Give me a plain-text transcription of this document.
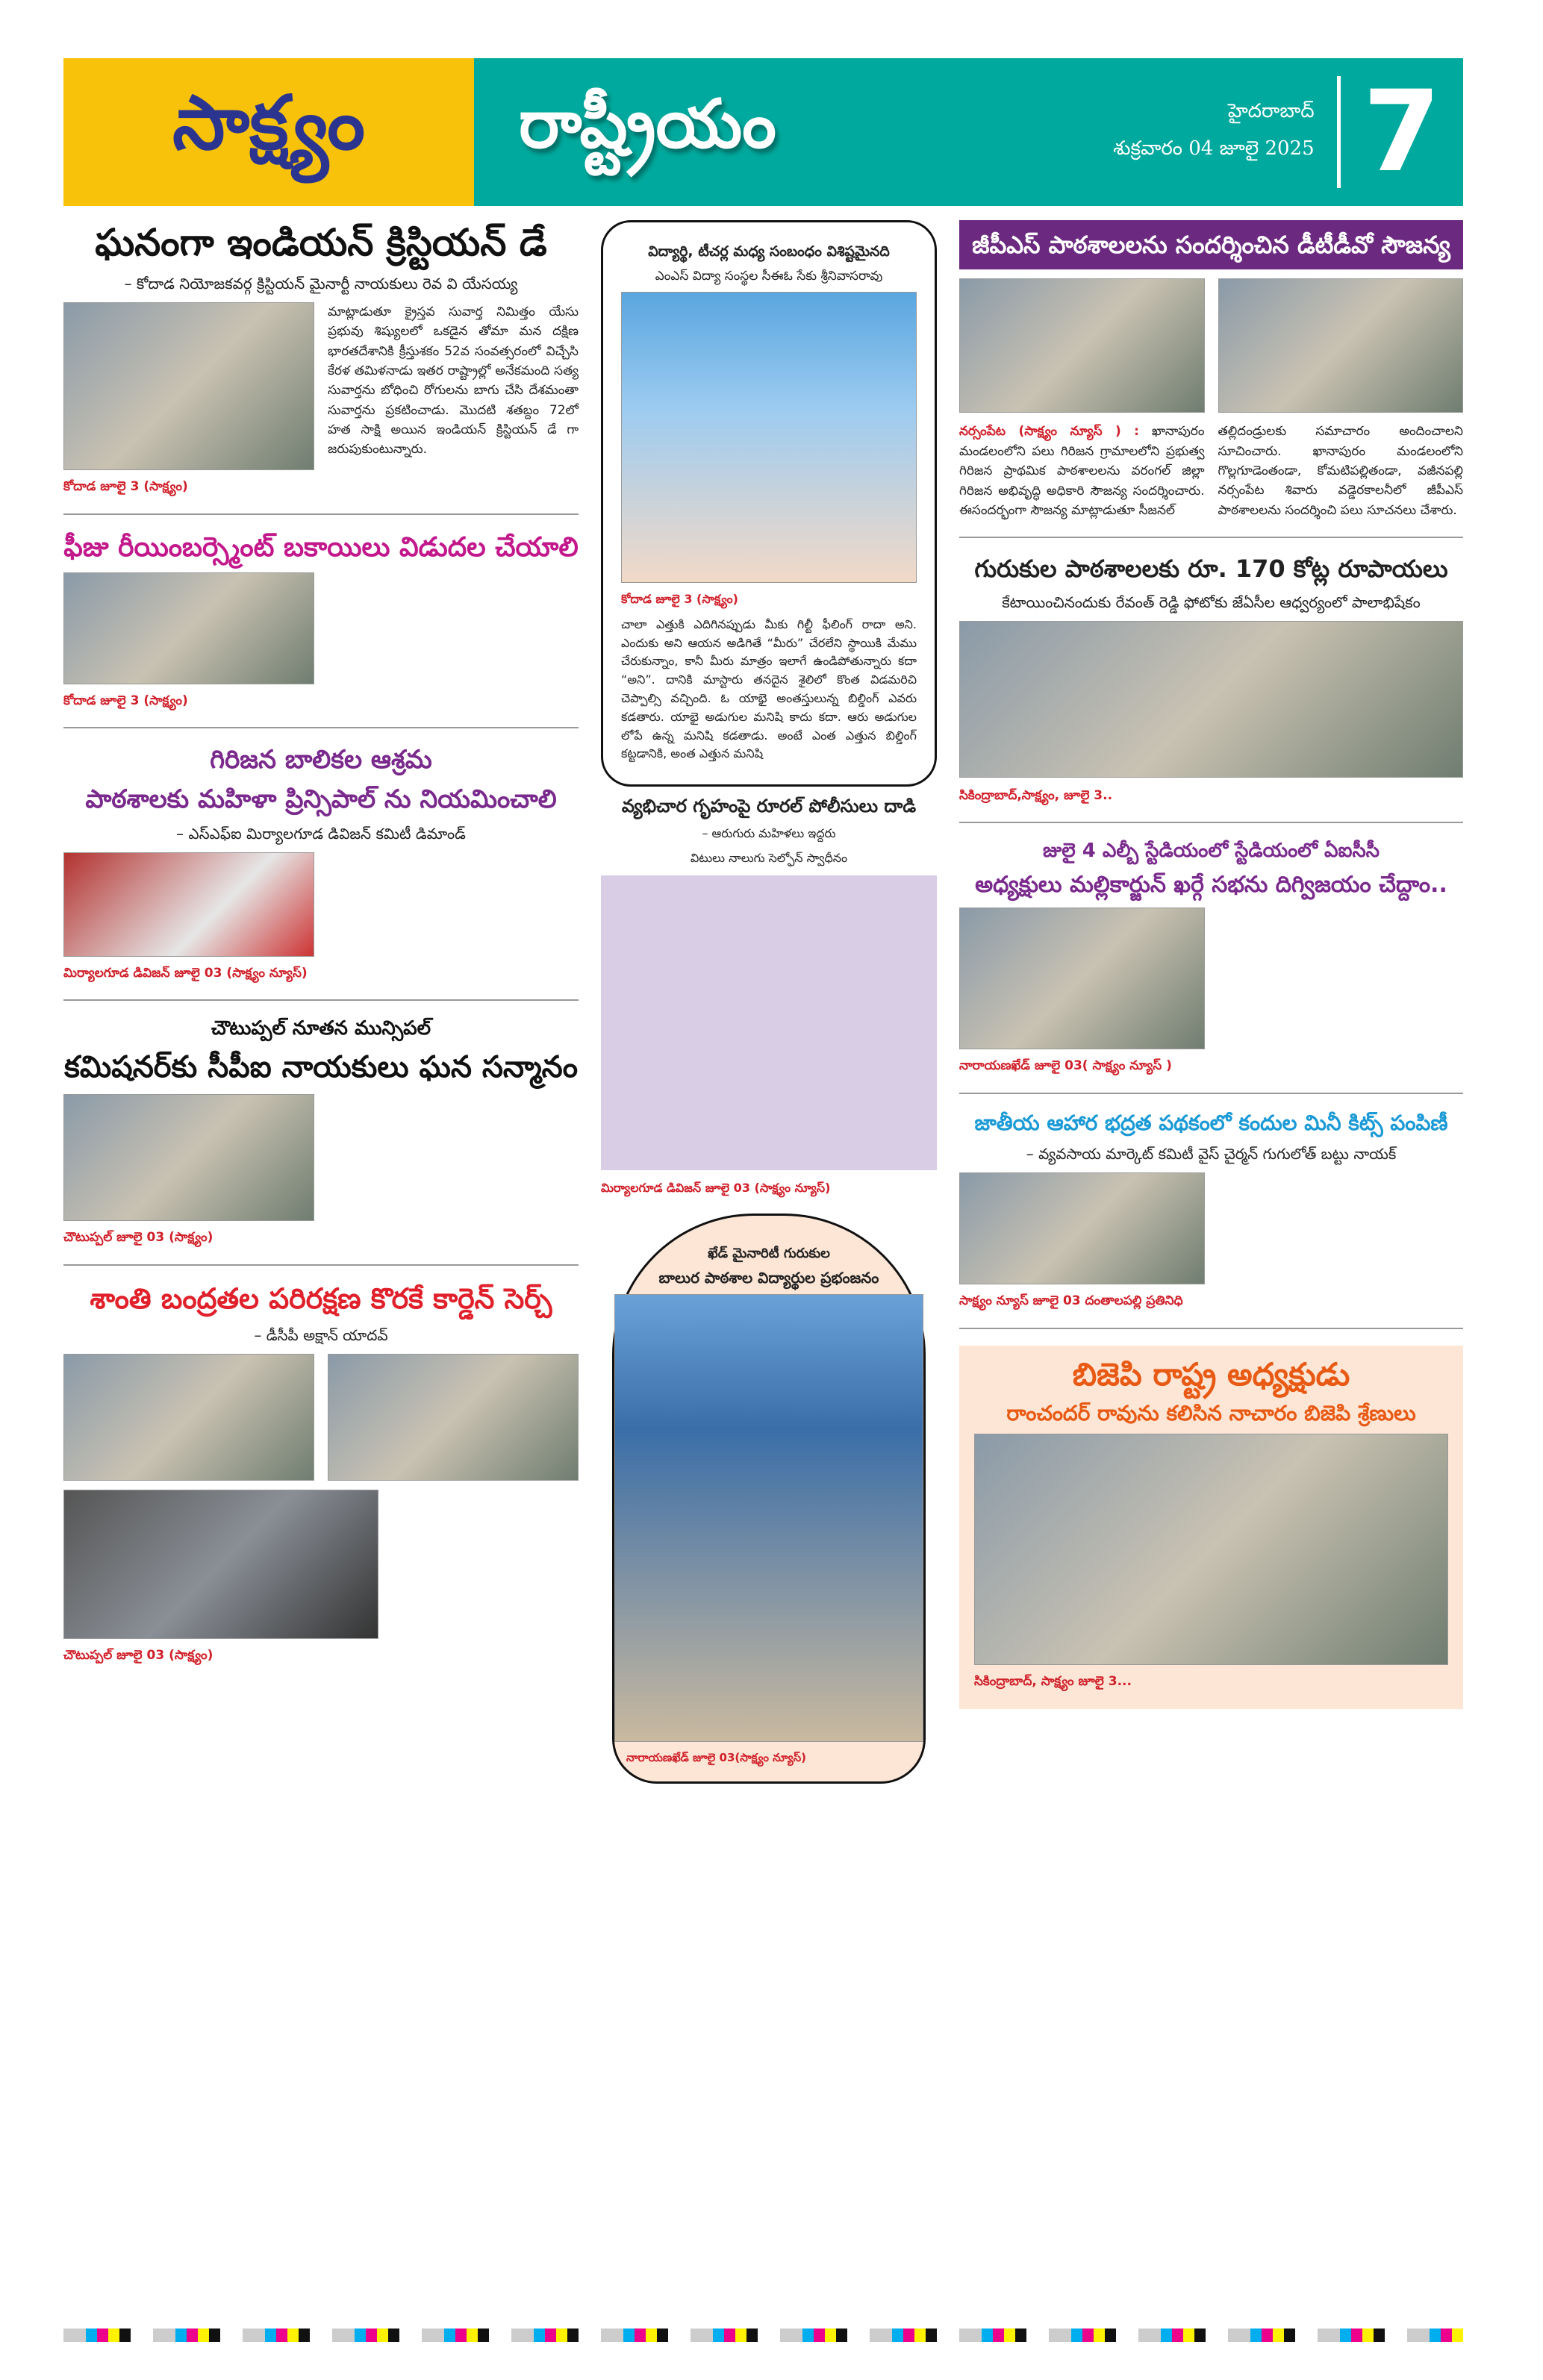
సాక్ష్యం	రాష్ట్రీయం	హైదరాబాద్
శుక్రవారం 04 జూలై 2025 7
ఘనంగా ఇండియన్ క్రిస్టియన్ డే
– కోదాడ నియోజకవర్గ క్రిస్టియన్ మైనార్టీ నాయకులు రెవ వి యేసయ్య
కోదాడ జూలై 3 (సాక్ష్యం)
మాట్లాడుతూ క్రైస్తవ సువార్త నిమిత్తం యేసు ప్రభువు శిష్యులలో ఒకడైన తోమా మన దక్షిణ భారతదేశానికి క్రీస్తుశకం 52వ సంవత్సరంలో విచ్చేసి కేరళ తమిళనాడు ఇతర రాష్ట్రాల్లో అనేకమంది సత్య సువార్తను బోధించి రోగులను బాగు చేసి దేశమంతా సువార్తను ప్రకటించాడు. మొదటి శతబ్దం 72లో హత సాక్షి అయిన ఇండియన్ క్రిస్టియన్ డే గా జరుపుకుంటున్నారు.
ఫీజు రీయింబర్స్మెంట్ బకాయిలు విడుదల చేయాలి
కోదాడ జూలై 3 (సాక్ష్యం)
గిరిజన బాలికల ఆశ్రమ
పాఠశాలకు మహిళా ప్రిన్సిపాల్ ను నియమించాలి
– ఎస్ఎఫ్ఐ మిర్యాలగూడ డివిజన్ కమిటీ డిమాండ్
మిర్యాలగూడ డివిజన్ జూలై 03 (సాక్ష్యం న్యూస్)
చౌటుప్పల్ నూతన మున్సిపల్
కమిషనర్‌కు సీపీఐ నాయకులు ఘన సన్మానం
చౌటుప్పల్ జూలై 03 (సాక్ష్యం)
శాంతి బంద్రతల పరిరక్షణ కొరకే కార్డెన్ సెర్చ్
– డీసీపీ అక్షాన్ యాదవ్
చౌటుప్పల్ జూలై 03 (సాక్ష్యం)
విద్యార్థి, టీచర్ల మధ్య సంబంధం విశిష్టమైనది
ఎంఎస్ విద్యా సంస్థల సీఈఓ సేకు శ్రీనివాసరావు
కోదాడ జూలై 3 (సాక్ష్యం)
చాలా ఎత్తుకి ఎదిగినప్పుడు మీకు గిల్టీ ఫీలింగ్ రాదా అని. ఎందుకు అని ఆయన అడిగితే “మీరు” చేరలేని స్థాయికి మేము చేరుకున్నాం, కానీ మీరు మాత్రం ఇలాగే ఉండిపోతున్నారు కదా “అని”. దానికి మాస్టారు తనదైన శైలిలో కొంత విడమరిచి చెప్పాల్సి వచ్చింది. ఓ యాభై అంతస్తులున్న బిల్డింగ్ ఎవరు కడతారు. యాభై అడుగుల మనిషి కాదు కదా. ఆరు అడుగుల లోపే ఉన్న మనిషి కడతాడు. అంటే ఎంత ఎత్తున బిల్డింగ్ కట్టడానికి, అంత ఎత్తున మనిషి
వ్యభిచార గృహంపై రూరల్ పోలీసులు దాడి
– ఆరుగురు మహిళలు ఇద్దరు
విటులు నాలుగు సెల్ఫోన్ స్వాధీనం
మిర్యాలగూడ డివిజన్ జూలై 03 (సాక్ష్యం న్యూస్)
ఖేడ్ మైనారిటీ గురుకుల
బాలుర పాఠశాల విద్యార్థుల ప్రభంజనం
నారాయణఖేడ్ జూలై 03(సాక్ష్యం న్యూస్)
జీపీఎస్ పాఠశాలలను సందర్శించిన డీటీడీవో సౌజన్య
నర్సంపేట (సాక్ష్యం న్యూస్ ) : ఖానాపురం మండలంలోని పలు గిరిజన గ్రామాలలోని ప్రభుత్వ గిరిజన ప్రాథమిక పాఠశాలలను వరంగల్ జిల్లా గిరిజన అభివృద్ధి అధికారి సౌజన్య సందర్శించారు. ఈసందర్భంగా సౌజన్య మాట్లాడుతూ సీజనల్
తల్లిదండ్రులకు సమాచారం అందించాలని సూచించారు. ఖానాపురం మండలంలోని గొల్లగూడెంతండా, కోమటిపల్లితండా, వజీనపల్లి నర్సంపేట శివారు వడ్డెరకాలనీలో జీపీఎస్ పాఠశాలలను సందర్శించి పలు సూచనలు చేశారు.
గురుకుల పాఠశాలలకు రూ. 170 కోట్ల రూపాయలు
కేటాయించినందుకు రేవంత్ రెడ్డి ఫోటోకు జేఏసీల ఆధ్వర్యంలో పాలాభిషేకం
సికింద్రాబాద్,సాక్ష్యం, జూలై 3..
జులై 4 ఎల్బీ స్టేడియంలో స్టేడియంలో ఏఐసీసీ
అధ్యక్షులు మల్లికార్జున్ ఖర్గే సభను దిగ్విజయం చేద్దాం..
నారాయణఖేడ్ జూలై 03( సాక్ష్యం న్యూస్ )
జాతీయ ఆహార భద్రత పథకంలో కందుల మినీ కిట్స్ పంపిణీ
– వ్యవసాయ మార్కెట్ కమిటీ వైస్ చైర్మన్ గుగులోత్ బట్టు నాయక్
సాక్ష్యం న్యూస్ జూలై 03 దంతాలపల్లి ప్రతినిధి
బిజెపి రాష్ట్ర అధ్యక్షుడు
రాంచందర్ రావును కలిసిన నాచారం బిజెపి శ్రేణులు
సికింద్రాబాద్, సాక్ష్యం జూలై 3...
